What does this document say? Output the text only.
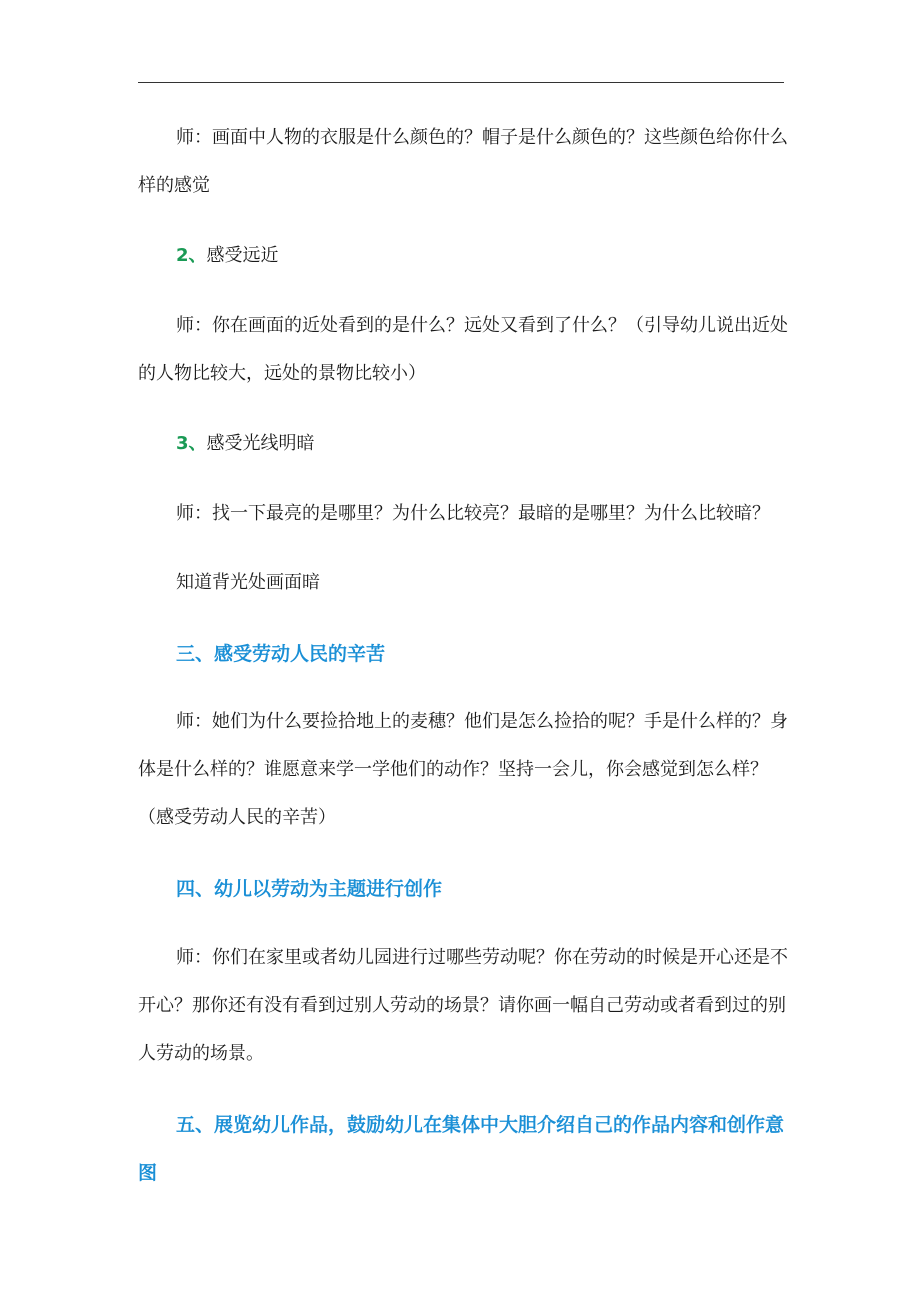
师：画面中人物的衣服是什么颜色的？帽子是什么颜色的？这些颜色给你什么样的感觉

2、感受远近

师：你在画面的近处看到的是什么？远处又看到了什么？（引导幼儿说出近处的人物比较大，远处的景物比较小）

3、感受光线明暗

师：找一下最亮的是哪里？为什么比较亮？最暗的是哪里？为什么比较暗？

知道背光处画面暗

三、感受劳动人民的辛苦

师：她们为什么要捡拾地上的麦穗？他们是怎么捡拾的呢？手是什么样的？身体是什么样的？谁愿意来学一学他们的动作？坚持一会儿，你会感觉到怎么样？（感受劳动人民的辛苦）

四、幼儿以劳动为主题进行创作

师：你们在家里或者幼儿园进行过哪些劳动呢？你在劳动的时候是开心还是不开心？那你还有没有看到过别人劳动的场景？请你画一幅自己劳动或者看到过的别人劳动的场景。

五、展览幼儿作品，鼓励幼儿在集体中大胆介绍自己的作品内容和创作意图
